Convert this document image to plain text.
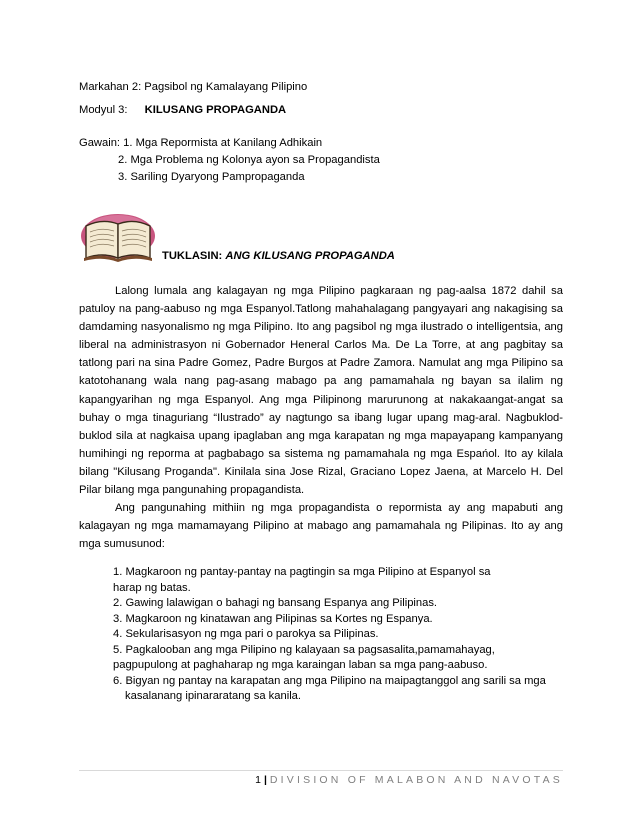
Markahan 2: Pagsibol ng Kamalayang Pilipino
Modyul 3: KILUSANG PROPAGANDA
Gawain: 1. Mga Repormista at Kanilang Adhikain
2. Mga Problema ng Kolonya ayon sa Propagandista
3. Sariling Dyaryong Pampropaganda
TUKLASIN: ANG KILUSANG PROPAGANDA

Lalong lumala ang kalagayan ng mga Pilipino pagkaraan ng pag-aalsa 1872 dahil sa patuloy na pang-aabuso ng mga Espanyol.Tatlong mahahalagang pangyayari ang nakagising sa damdaming nasyonalismo ng mga Pilipino. Ito ang pagsibol ng mga ilustrado o intelligentsia, ang liberal na administrasyon ni Gobernador Heneral Carlos Ma. De La Torre, at ang pagbitay sa tatlong pari na sina Padre Gomez, Padre Burgos at Padre Zamora. Namulat ang mga Pilipino sa katotohanang wala nang pag-asang mabago pa ang pamamahala ng bayan sa ilalim ng kapangyarihan ng mga Espanyol. Ang mga Pilipinong marurunong at nakakaangat-angat sa buhay o mga tinaguriang “Ilustrado” ay nagtungo sa ibang lugar upang mag-aral. Nagbuklod-buklod sila at nagkaisa upang ipaglaban ang mga karapatan ng mga mapayapang kampanyang humihingi ng reporma at pagbabago sa sistema ng pamamahala ng mga Espańol. Ito ay kilala bilang "Kilusang Proganda". Kinilala sina Jose Rizal, Graciano Lopez Jaena, at Marcelo H. Del Pilar bilang mga pangunahing propagandista.

Ang pangunahing mithiin ng mga propagandista o repormista ay ang mapabuti ang kalagayan ng mga mamamayang Pilipino at mabago ang pamamahala ng Pilipinas. Ito ay ang mga sumusunod:

1. Magkaroon ng pantay-pantay na pagtingin sa mga Pilipino at Espanyol sa
harap ng batas.
2. Gawing lalawigan o bahagi ng bansang Espanya ang Pilipinas.
3. Magkaroon ng kinatawan ang Pilipinas sa Kortes ng Espanya.
4. Sekularisasyon ng mga pari o parokya sa Pilipinas.
5. Pagkalooban ang mga Pilipino ng kalayaan sa pagsasalita,pamamahayag,
pagpupulong at paghaharap ng mga karaingan laban sa mga pang-aabuso.
6. Bigyan ng pantay na karapatan ang mga Pilipino na maipagtanggol ang sarili sa mga
kasalanang ipinararatang sa kanila.
1 | DIVISION OF MALABON AND NAVOTAS
